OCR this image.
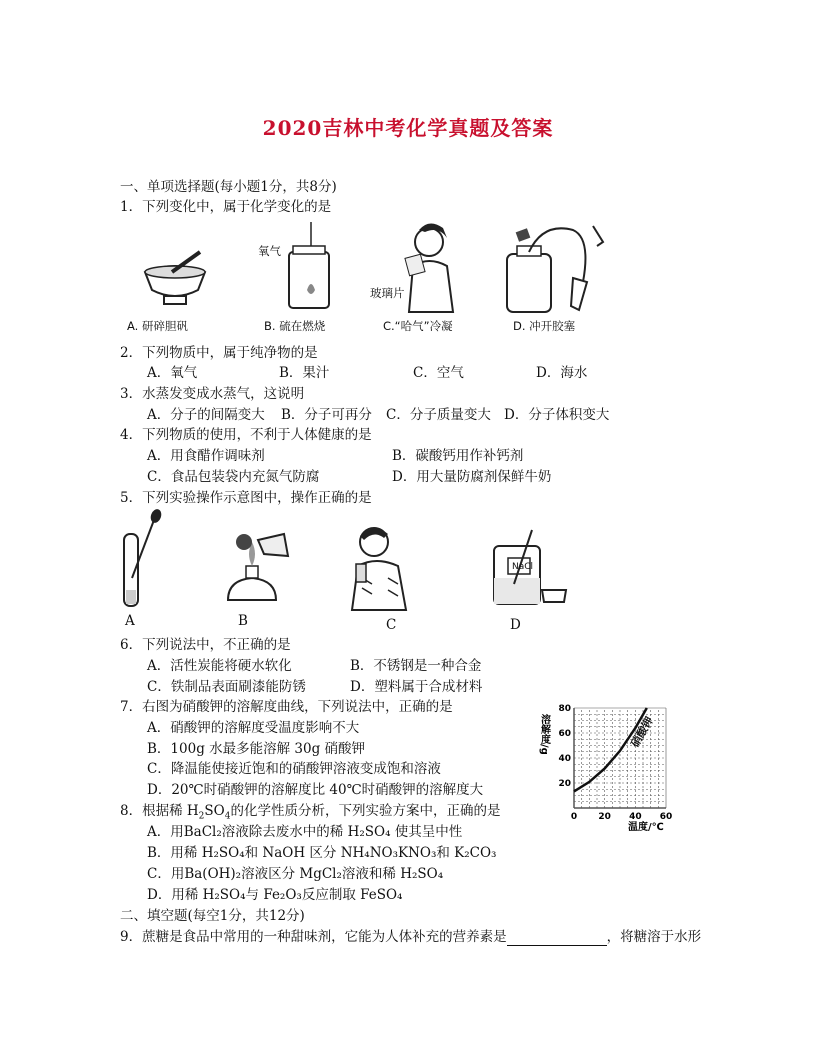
2020吉林中考化学真题及答案
一、单项选择题(每小题1分，共8分)
1．下列变化中，属于化学变化的是
氧气
玻璃片
A. 研碎胆矾	B. 硫在燃烧	C.“哈气”冷凝	D. 冲开胶塞
2．下列物质中，属于纯净物的是
A．氧气	B．果汁	C．空气	D．海水
3．水蒸发变成水蒸气，这说明
A．分子的间隔变大 B．分子可再分 C．分子质量变大 D．分子体积变大
4．下列物质的使用，不利于人体健康的是
A．用食醋作调味剂	B．碳酸钙用作补钙剂
C．食品包装袋内充氮气防腐	D．用大量防腐剂保鲜牛奶
5．下列实验操作示意图中，操作正确的是
NaCl
A	B	C	D
6．下列说法中，不正确的是
A．活性炭能将硬水软化	B．不锈钢是一种合金
C．铁制品表面刷漆能防锈	D．塑料属于合成材料
7．右图为硝酸钾的溶解度曲线，下列说法中，正确的是
A．硝酸钾的溶解度受温度影响不大
B．100g 水最多能溶解 30g 硝酸钾
C．降温能使接近饱和的硝酸钾溶液变成饱和溶液
D．20℃时硝酸钾的溶解度比 40℃时硝酸钾的溶解度大
0 20 40 60
20
40
60
80
硝酸钾
溶解度/g
温度/℃
8．根据稀 $H_2SO_4$的化学性质分析，下列实验方案中，正确的是
A．用BaCl₂溶液除去废水中的稀 H₂SO₄ 使其呈中性
B．用稀 H₂SO₄和 NaOH 区分 NH₄NO₃KNO₃和 K₂CO₃
C．用Ba(OH)₂溶液区分 MgCl₂溶液和稀 H₂SO₄
D．用稀 H₂SO₄与 Fe₂O₃反应制取 FeSO₄
二、填空题(每空1分，共12分)
9．蔗糖是食品中常用的一种甜味剂，它能为人体补充的营养素是	，将糖溶于水形
